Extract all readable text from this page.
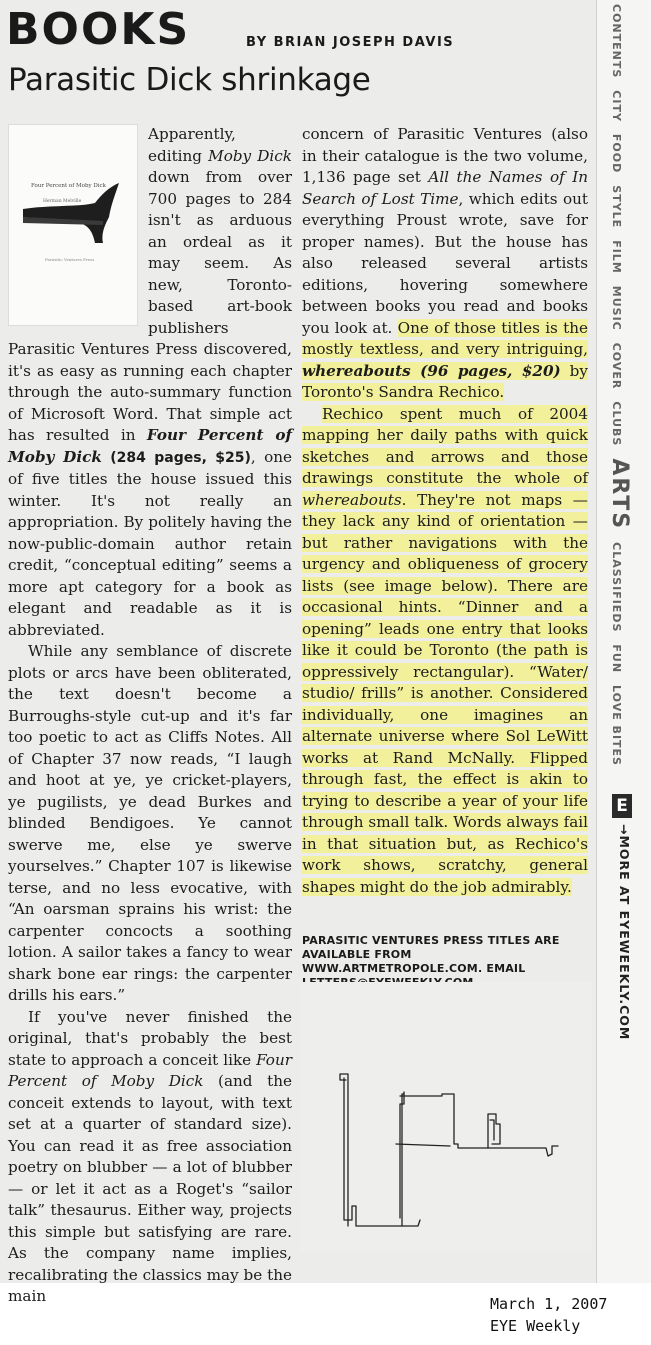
BOOKS	BY BRIAN JOSEPH DAVIS
Parasitic Dick shrinkage
Four Percent of Moby Dick
Herman Melville
Parasitic Ventures Press

Apparently, editing Moby Dick down from over 700 pages to 284 isn't as arduous an ordeal as it may seem. As new, Toronto-based art-book publishers Parasitic Ventures Press discovered, it's as easy as running each chapter through the auto-summary function of Microsoft Word. That simple act has resulted in Four Percent of Moby Dick (284 pages, $25), one of five titles the house issued this winter. It's not really an appropriation. By politely having the now-public-domain author retain credit, “conceptual editing” seems a more apt category for a book as elegant and readable as it is abbreviated.

While any semblance of discrete plots or arcs have been obliterated, the text doesn't become a Burroughs-style cut-up and it's far too poetic to act as Cliffs Notes. All of Chapter 37 now reads, “I laugh and hoot at ye, ye cricket-players, ye pugilists, ye dead Burkes and blinded Bendigoes. Ye cannot swerve me, else ye swerve yourselves.” Chapter 107 is likewise terse, and no less evocative, with “An oarsman sprains his wrist: the carpenter concocts a soothing lotion. A sailor takes a fancy to wear shark bone ear rings: the carpenter drills his ears.”

If you've never finished the original, that's probably the best state to approach a conceit like Four Percent of Moby Dick (and the conceit extends to layout, with text set at a quarter of standard size). You can read it as free association poetry on blubber — a lot of blubber — or let it act as a Roget's “sailor talk” thesaurus. Either way, projects this simple but satisfying are rare. As the company name implies, recalibrating the classics may be the main

concern of Parasitic Ventures (also in their catalogue is the two volume, 1,136 page set All the Names of In Search of Lost Time, which edits out everything Proust wrote, save for proper names). But the house has also released several artists editions, hovering somewhere between books you read and books you look at. One of those titles is the mostly textless, and very intriguing, whereabouts (96 pages, $20) by Toronto's Sandra Rechico.

Rechico spent much of 2004 mapping her daily paths with quick sketches and arrows and those drawings constitute the whole of whereabouts. They're not maps — they lack any kind of orientation — but rather navigations with the urgency and obliqueness of grocery lists (see image below). There are occasional hints. “Dinner and a opening” leads one entry that looks like it could be Toronto (the path is oppressively rectangular). “Water/ studio/ frills” is another. Considered individually, one imagines an alternate universe where Sol LeWitt works at Rand McNally. Flipped through fast, the effect is akin to trying to describe a year of your life through small talk. Words always fail in that situation but, as Rechico's work shows, scratchy, general shapes might do the job admirably.

PARASITIC VENTURES PRESS TITLES ARE AVAILABLE FROM WWW.ARTMETROPOLE.COM. EMAIL
CONTENTSCITYFOODSTYLEFILMMUSICCOVERCLUBSARTSCLASSIFIEDSFUNLOVE BITES
E
→MORE AT EYEWEEKLY.COM
March 1, 2007
EYE Weekly
